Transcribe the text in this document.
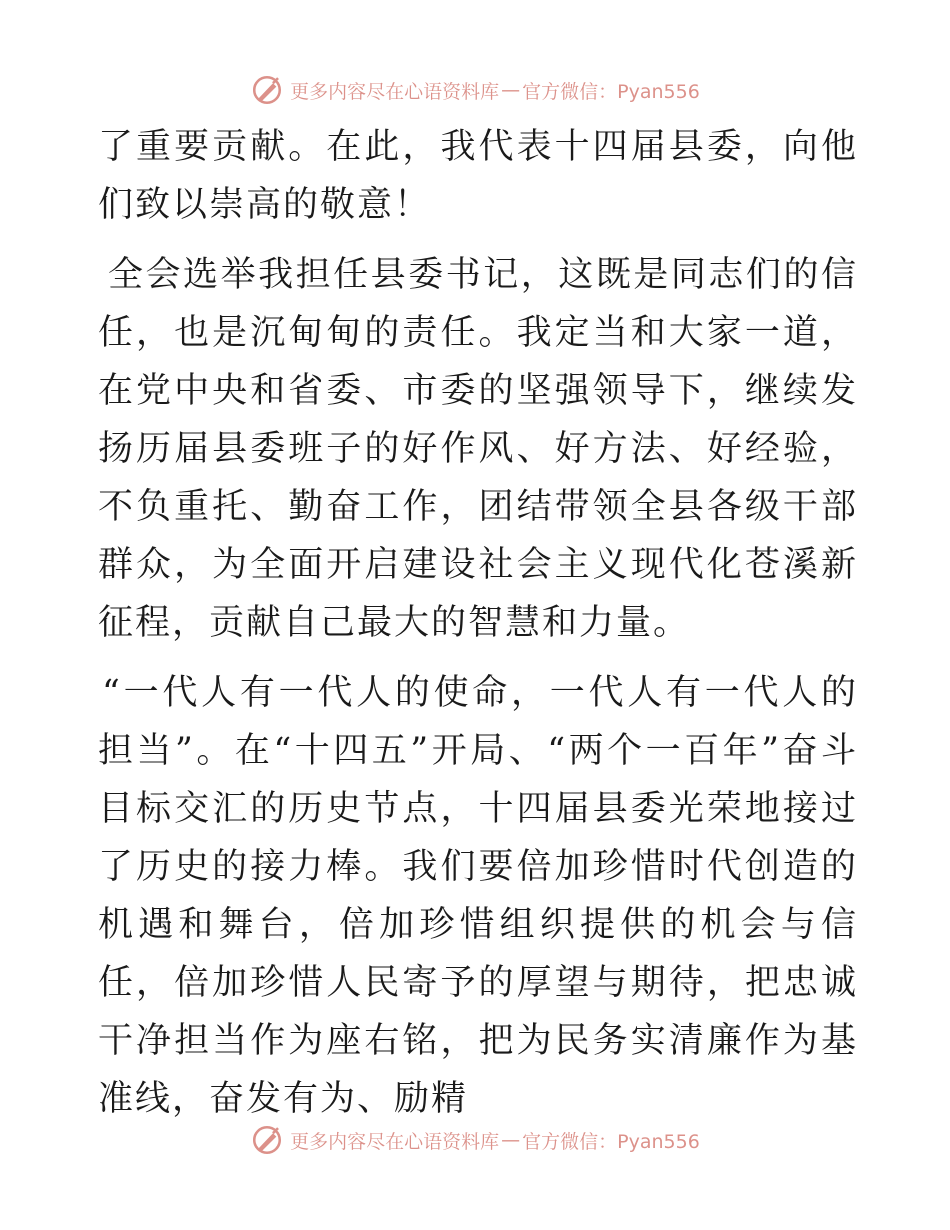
更多内容尽在心语资料库 — 官方微信：Pyan556

了重要贡献。在此，我代表十四届县委，向他们致以崇高的敬意！

全会选举我担任县委书记，这既是同志们的信任，也是沉甸甸的责任。我定当和大家一道，在党中央和省委、市委的坚强领导下，继续发扬历届县委班子的好作风、好方法、好经验，不负重托、勤奋工作，团结带领全县各级干部群众，为全面开启建设社会主义现代化苍溪新征程，贡献自己最大的智慧和力量。

“一代人有一代人的使命，一代人有一代人的担当”。在“十四五”开局、“两个一百年”奋斗目标交汇的历史节点，十四届县委光荣地接过了历史的接力棒。我们要倍加珍惜时代创造的机遇和舞台，倍加珍惜组织提供的机会与信任，倍加珍惜人民寄予的厚望与期待，把忠诚干净担当作为座右铭，把为民务实清廉作为基准线，奋发有为、励精

更多内容尽在心语资料库 — 官方微信：Pyan556
